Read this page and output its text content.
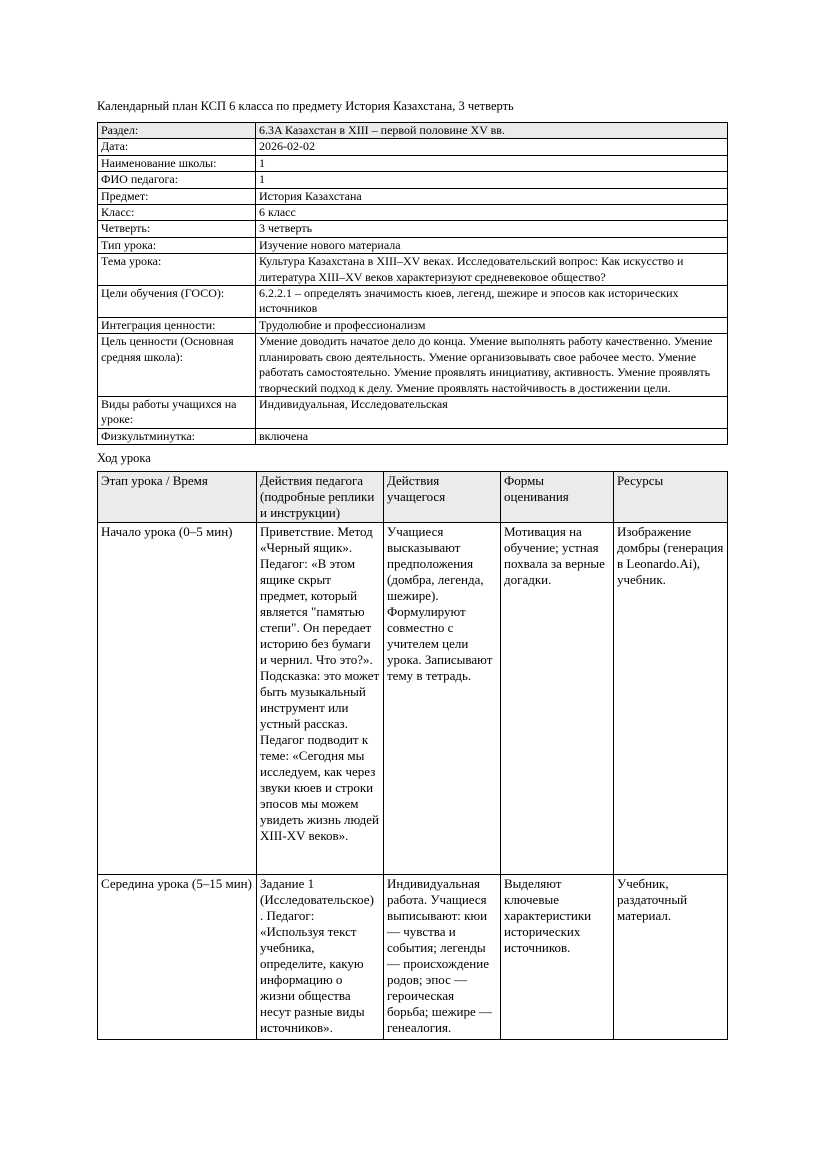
Календарный план КСП 6 класса по предмету История Казахстана, 3 четверть
Раздел:	6.3A Казахстан в XIII – первой половине XV вв.
Дата:	2026-02-02
Наименование школы:	1
ФИО педагога:	1
Предмет:	История Казахстана
Класс:	6 класс
Четверть:	3 четверть
Тип урока:	Изучение нового материала
Тема урока:	Культура Казахстана в XIII–XV веках. Исследовательский вопрос: Как искусство и литература XIII–XV веков характеризуют средневековое общество?
Цели обучения (ГОСО):	6.2.2.1 – определять значимость кюев, легенд, шежире и эпосов как исторических источников
Интеграция ценности:	Трудолюбие и профессионализм
Цель ценности (Основная средняя школа):	Умение доводить начатое дело до конца. Умение выполнять работу качественно. Умение планировать свою деятельность. Умение организовывать свое рабочее место. Умение работать самостоятельно. Умение проявлять инициативу, активность. Умение проявлять творческий подход к делу. Умение проявлять настойчивость в достижении цели.
Виды работы учащихся на уроке:	Индивидуальная, Исследовательская
Физкультминутка:	включена
Ход урока
Этап урока / Время	Действия педагога (подробные реплики и инструкции)	Действия учащегося	Формы оценивания	Ресурсы
Начало урока (0–5 мин)	Приветствие. Метод «Черный ящик». Педагог: «В этом ящике скрыт предмет, который является "памятью степи". Он передает историю без бумаги и чернил. Что это?». Подсказка: это может быть музыкальный инструмент или устный рассказ. Педагог подводит к теме: «Сегодня мы исследуем, как через звуки кюев и строки эпосов мы можем увидеть жизнь людей XIII-XV веков».	Учащиеся высказывают предположения (домбра, легенда, шежире). Формулируют совместно с учителем цели урока. Записывают тему в тетрадь.	Мотивация на обучение; устная похвала за верные догадки.	Изображение домбры (генерация в Leonardo.Ai), учебник.
Середина урока (5–15 мин)	Задание 1 (Исследовательское) . Педагог: «Используя текст учебника, определите, какую информацию о жизни общества несут разные виды источников».	Индивидуальная работа. Учащиеся выписывают: кюи — чувства и события; легенды — происхождение родов; эпос — героическая борьба; шежире — генеалогия.	Выделяют ключевые характеристики исторических источников.	Учебник, раздаточный материал.
